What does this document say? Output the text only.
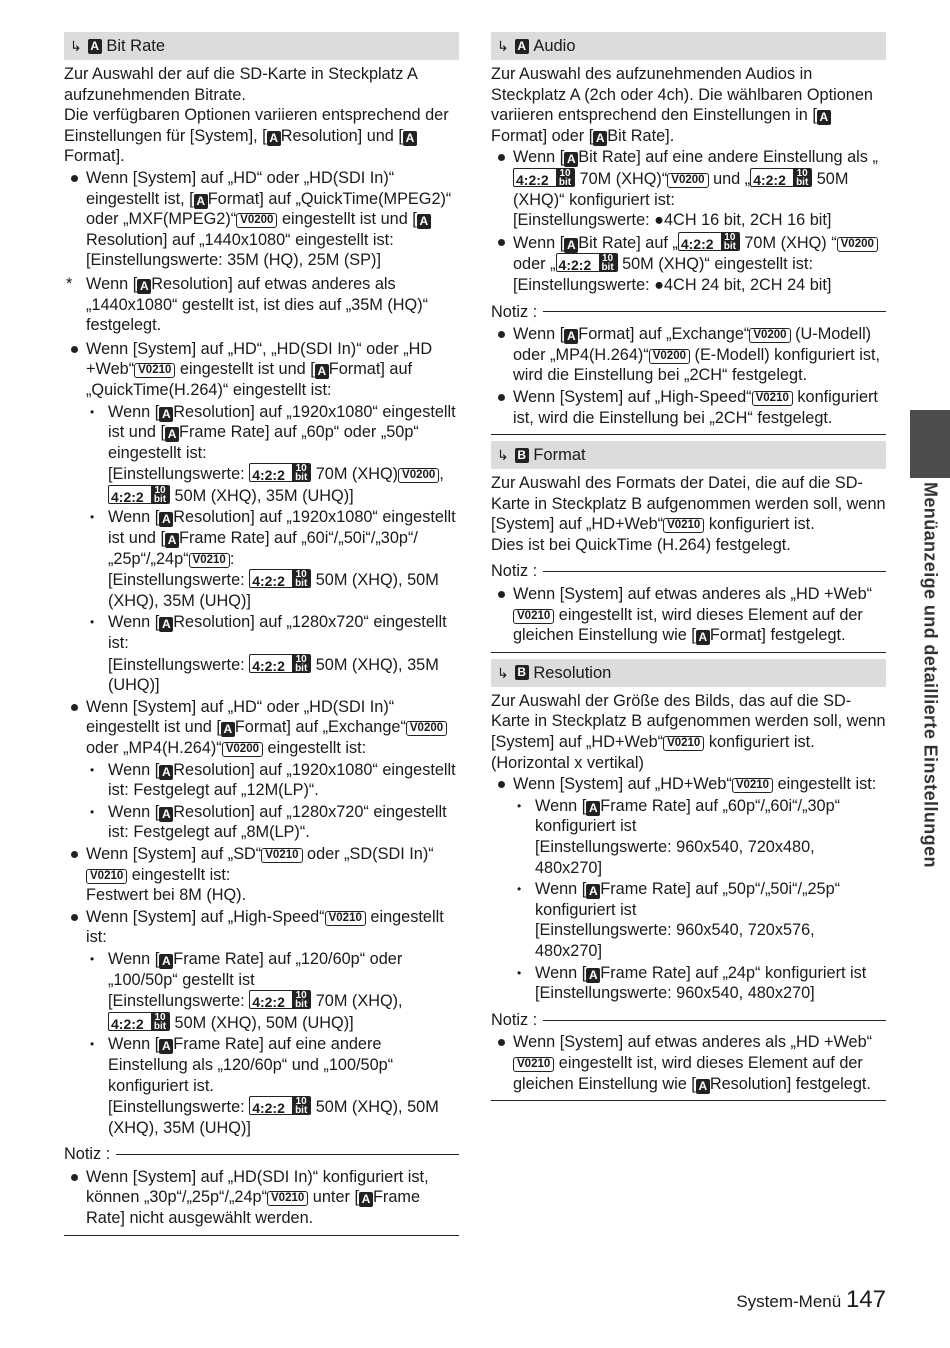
↳ A
Bit Rate

Zur Auswahl der auf die SD-Karte in Steckplatz A aufzunehmenden Bitrate.

Die verfügbaren Optionen variieren entsprechend der Einstellungen für [System], [ A Resolution] und [ AFormat].

Wenn [System] auf „HD“ oder „HD(SDI In)“ eingestellt ist, [ A Format] auf „QuickTime(MPEG2)“ oder „MXF(MPEG2)“ V0200 eingestellt ist und [ AResolution] auf „1440x1080“ eingestellt ist:
[Einstellungswerte: 35M (HQ), 25M (SP)]
* Wenn [ A Resolution] auf etwas anderes als „1440x1080“ gestellt ist, ist dies auf „35M (HQ)“ festgelegt.
Wenn [System] auf „HD“, „HD(SDI In)“ oder „HD +Web“ V0210 eingestellt ist und [ A Format] auf „QuickTime(H.264)“ eingestellt ist:
• Wenn [ A Resolution] auf „1920x1080“ eingestellt ist und [ A Frame Rate] auf „60p“ oder „50p“ eingestellt ist:
[Einstellungswerte: 4:2:2	10
bit 70M (XHQ) V0200 ,

4:2:2	10
bit 50M (XHQ), 35M (UHQ)]
• Wenn [ A Resolution] auf „1920x1080“ eingestellt ist und [ A Frame Rate] auf „60i“/„50i“/„30p“/„25p“/„24p“ V0210 :
[Einstellungswerte: 4:2:2	10
bit 50M (XHQ), 50M (XHQ), 35M (UHQ)]
• Wenn [ A Resolution] auf „1280x720“ eingestellt ist:
[Einstellungswerte: 4:2:2	10
bit 50M (XHQ), 35M (UHQ)]
Wenn [System] auf „HD“ oder „HD(SDI In)“ eingestellt ist und [ A Format] auf „Exchange“ V0200 oder „MP4(H.264)“ V0200 eingestellt ist:
• Wenn [ A Resolution] auf „1920x1080“ eingestellt ist: Festgelegt auf „12M(LP)“.
• Wenn [ A Resolution] auf „1280x720“ eingestellt ist: Festgelegt auf „8M(LP)“.
Wenn [System] auf „SD“ V0210 oder „SD(SDI In)“
V0210 eingestellt ist:
Festwert bei 8M (HQ).
Wenn [System] auf „High-Speed“ V0210 eingestellt ist:
• Wenn [ A Frame Rate] auf „120/60p“ oder „100/50p“ gestellt ist
[Einstellungswerte: 4:2:2	10
bit 70M (XHQ),

4:2:2	10
bit 50M (XHQ), 50M (UHQ)]
• Wenn [ A Frame Rate] auf eine andere Einstellung als „120/60p“ und „100/50p“ konfiguriert ist.
[Einstellungswerte: 4:2:2	10
bit 50M (XHQ), 50M (XHQ), 35M (UHQ)]
Notiz :
Wenn [System] auf „HD(SDI In)“ konfiguriert ist, können „30p“/„25p“/„24p“ V0210 unter [ A Frame Rate] nicht ausgewählt werden.
↳ A
Audio

Zur Auswahl des aufzunehmenden Audios in Steckplatz A (2ch oder 4ch). Die wählbaren Optionen variieren entsprechend den Einstellungen in [ AFormat] oder [ A Bit Rate].

Wenn [ A Bit Rate] auf eine andere Einstellung als „
4:2:2	10
bit 70M (XHQ)“ V0200 und „ 4:2:2	10
bit 50M (XHQ)“ konfiguriert ist:
[Einstellungswerte: ●4CH 16 bit, 2CH 16 bit]
Wenn [ A Bit Rate] auf „ 4:2:2	10
bit 70M (XHQ) “ V0200 oder „ 4:2:2	10
bit 50M (XHQ)“ eingestellt ist:
[Einstellungswerte: ●4CH 24 bit, 2CH 24 bit]
Notiz :
Wenn [ A Format] auf „Exchange“ V0200 (U-Modell) oder „MP4(H.264)“ V0200 (E-Modell) konfiguriert ist, wird die Einstellung bei „2CH“ festgelegt.
Wenn [System] auf „High-Speed“ V0210 konfiguriert ist, wird die Einstellung bei „2CH“ festgelegt.
↳ B
Format

Zur Auswahl des Formats der Datei, die auf die SD-Karte in Steckplatz B aufgenommen werden soll, wenn [System] auf „HD+Web“ V0210 konfiguriert ist.

Dies ist bei QuickTime (H.264) festgelegt.

Notiz :
Wenn [System] auf etwas anderes als „HD +Web“V0210 eingestellt ist, wird dieses Element auf der gleichen Einstellung wie [ A Format] festgelegt.
↳ B
Resolution

Zur Auswahl der Größe des Bilds, das auf die SD-Karte in Steckplatz B aufgenommen werden soll, wenn [System] auf „HD+Web“ V0210 konfiguriert ist.

(Horizontal x vertikal)

Wenn [System] auf „HD+Web“ V0210 eingestellt ist:
• Wenn [ A Frame Rate] auf „60p“/„60i“/„30p“ konfiguriert ist
[Einstellungswerte: 960x540, 720x480, 480x270]
• Wenn [ A Frame Rate] auf „50p“/„50i“/„25p“ konfiguriert ist
[Einstellungswerte: 960x540, 720x576, 480x270]
• Wenn [ A Frame Rate] auf „24p“ konfiguriert ist
[Einstellungswerte: 960x540, 480x270]
Notiz :
Wenn [System] auf etwas anderes als „HD +Web“V0210 eingestellt ist, wird dieses Element auf der gleichen Einstellung wie [ A Resolution] festgelegt.
Menüanzeige und detaillierte Einstellungen
System-Menü 147
